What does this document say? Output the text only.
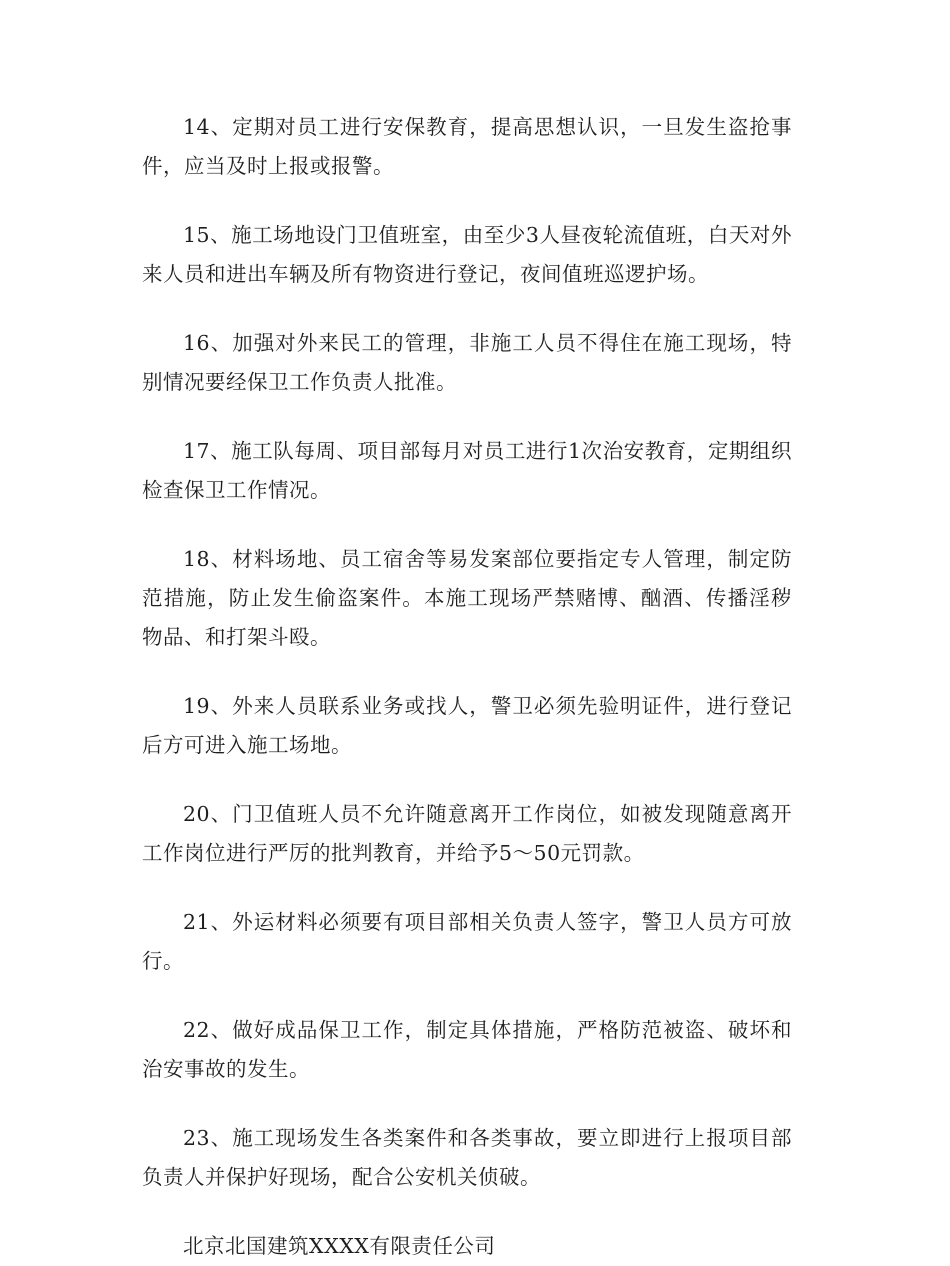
14、定期对员工进行安保教育，提高思想认识，一旦发生盗抢事件，应当及时上报或报警。

15、施工场地设门卫值班室，由至少3人昼夜轮流值班，白天对外来人员和进出车辆及所有物资进行登记，夜间值班巡逻护场。

16、加强对外来民工的管理，非施工人员不得住在施工现场，特别情况要经保卫工作负责人批准。

17、施工队每周、项目部每月对员工进行1次治安教育，定期组织检查保卫工作情况。

18、材料场地、员工宿舍等易发案部位要指定专人管理，制定防范措施，防止发生偷盗案件。本施工现场严禁赌博、酗酒、传播淫秽物品、和打架斗殴。

19、外来人员联系业务或找人，警卫必须先验明证件，进行登记后方可进入施工场地。

20、门卫值班人员不允许随意离开工作岗位，如被发现随意离开工作岗位进行严厉的批判教育，并给予5～50元罚款。

21、外运材料必须要有项目部相关负责人签字，警卫人员方可放行。

22、做好成品保卫工作，制定具体措施，严格防范被盗、破坏和治安事故的发生。

23、施工现场发生各类案件和各类事故，要立即进行上报项目部负责人并保护好现场，配合公安机关侦破。

北京北国建筑XXXX有限责任公司
